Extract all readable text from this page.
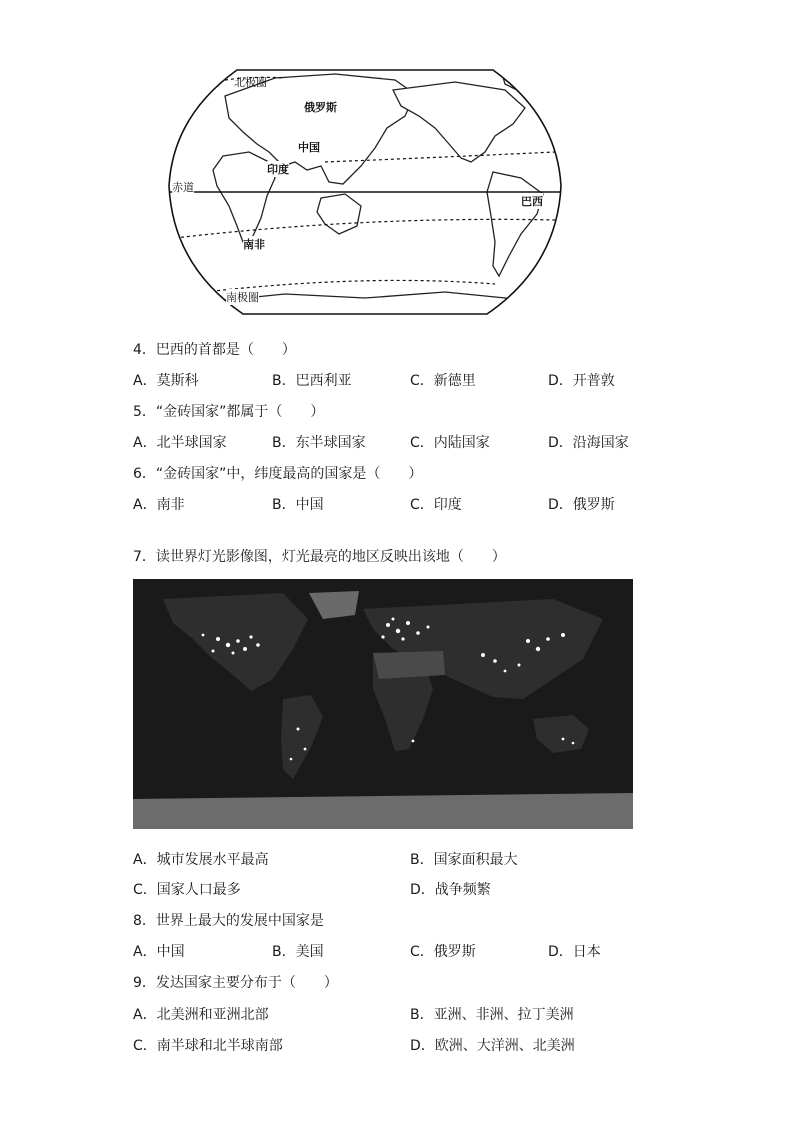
北极圈
俄罗斯
中国
印度
赤道
巴西
南非
南极圈
4．巴西的首都是（　　）
A．莫斯科	B．巴西利亚	C．新德里	D．开普敦
5．“金砖国家”都属于（　　）
A．北半球国家	B．东半球国家	C．内陆国家	D．沿海国家
6．“金砖国家”中，纬度最高的国家是（　　）
A．南非	B．中国	C．印度	D．俄罗斯
7．读世界灯光影像图，灯光最亮的地区反映出该地（　　）
A．城市发展水平最高	B．国家面积最大
C．国家人口最多	D．战争频繁
8．世界上最大的发展中国家是
A．中国	B．美国	C．俄罗斯	D．日本
9．发达国家主要分布于（　　）
A．北美洲和亚洲北部	B．亚洲、非洲、拉丁美洲
C．南半球和北半球南部	D．欧洲、大洋洲、北美洲
